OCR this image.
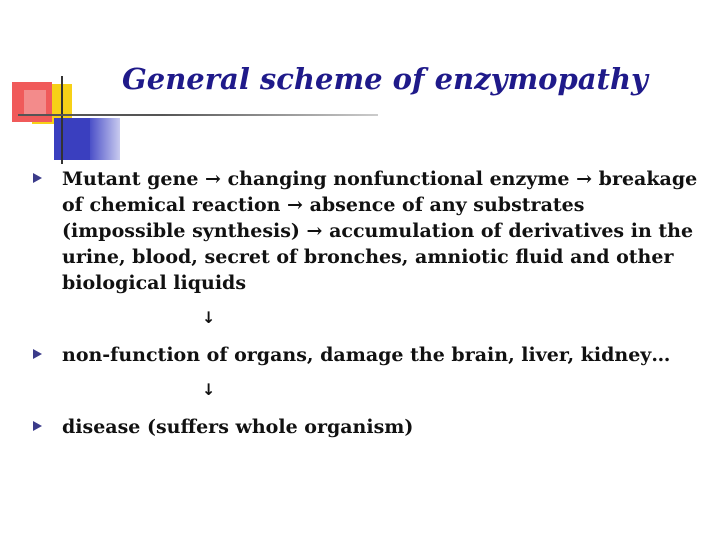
General scheme of enzymopathy
Mutant gene → changing nonfunctional enzyme → breakage of chemical reaction → absence of any substrates (impossible synthesis) → accumulation of derivatives in the urine, blood, secret of bronches, amniotic fluid and other biological liquids
↓
non-function of organs, damage the brain, liver, kidney…
↓
disease (suffers whole organism)
